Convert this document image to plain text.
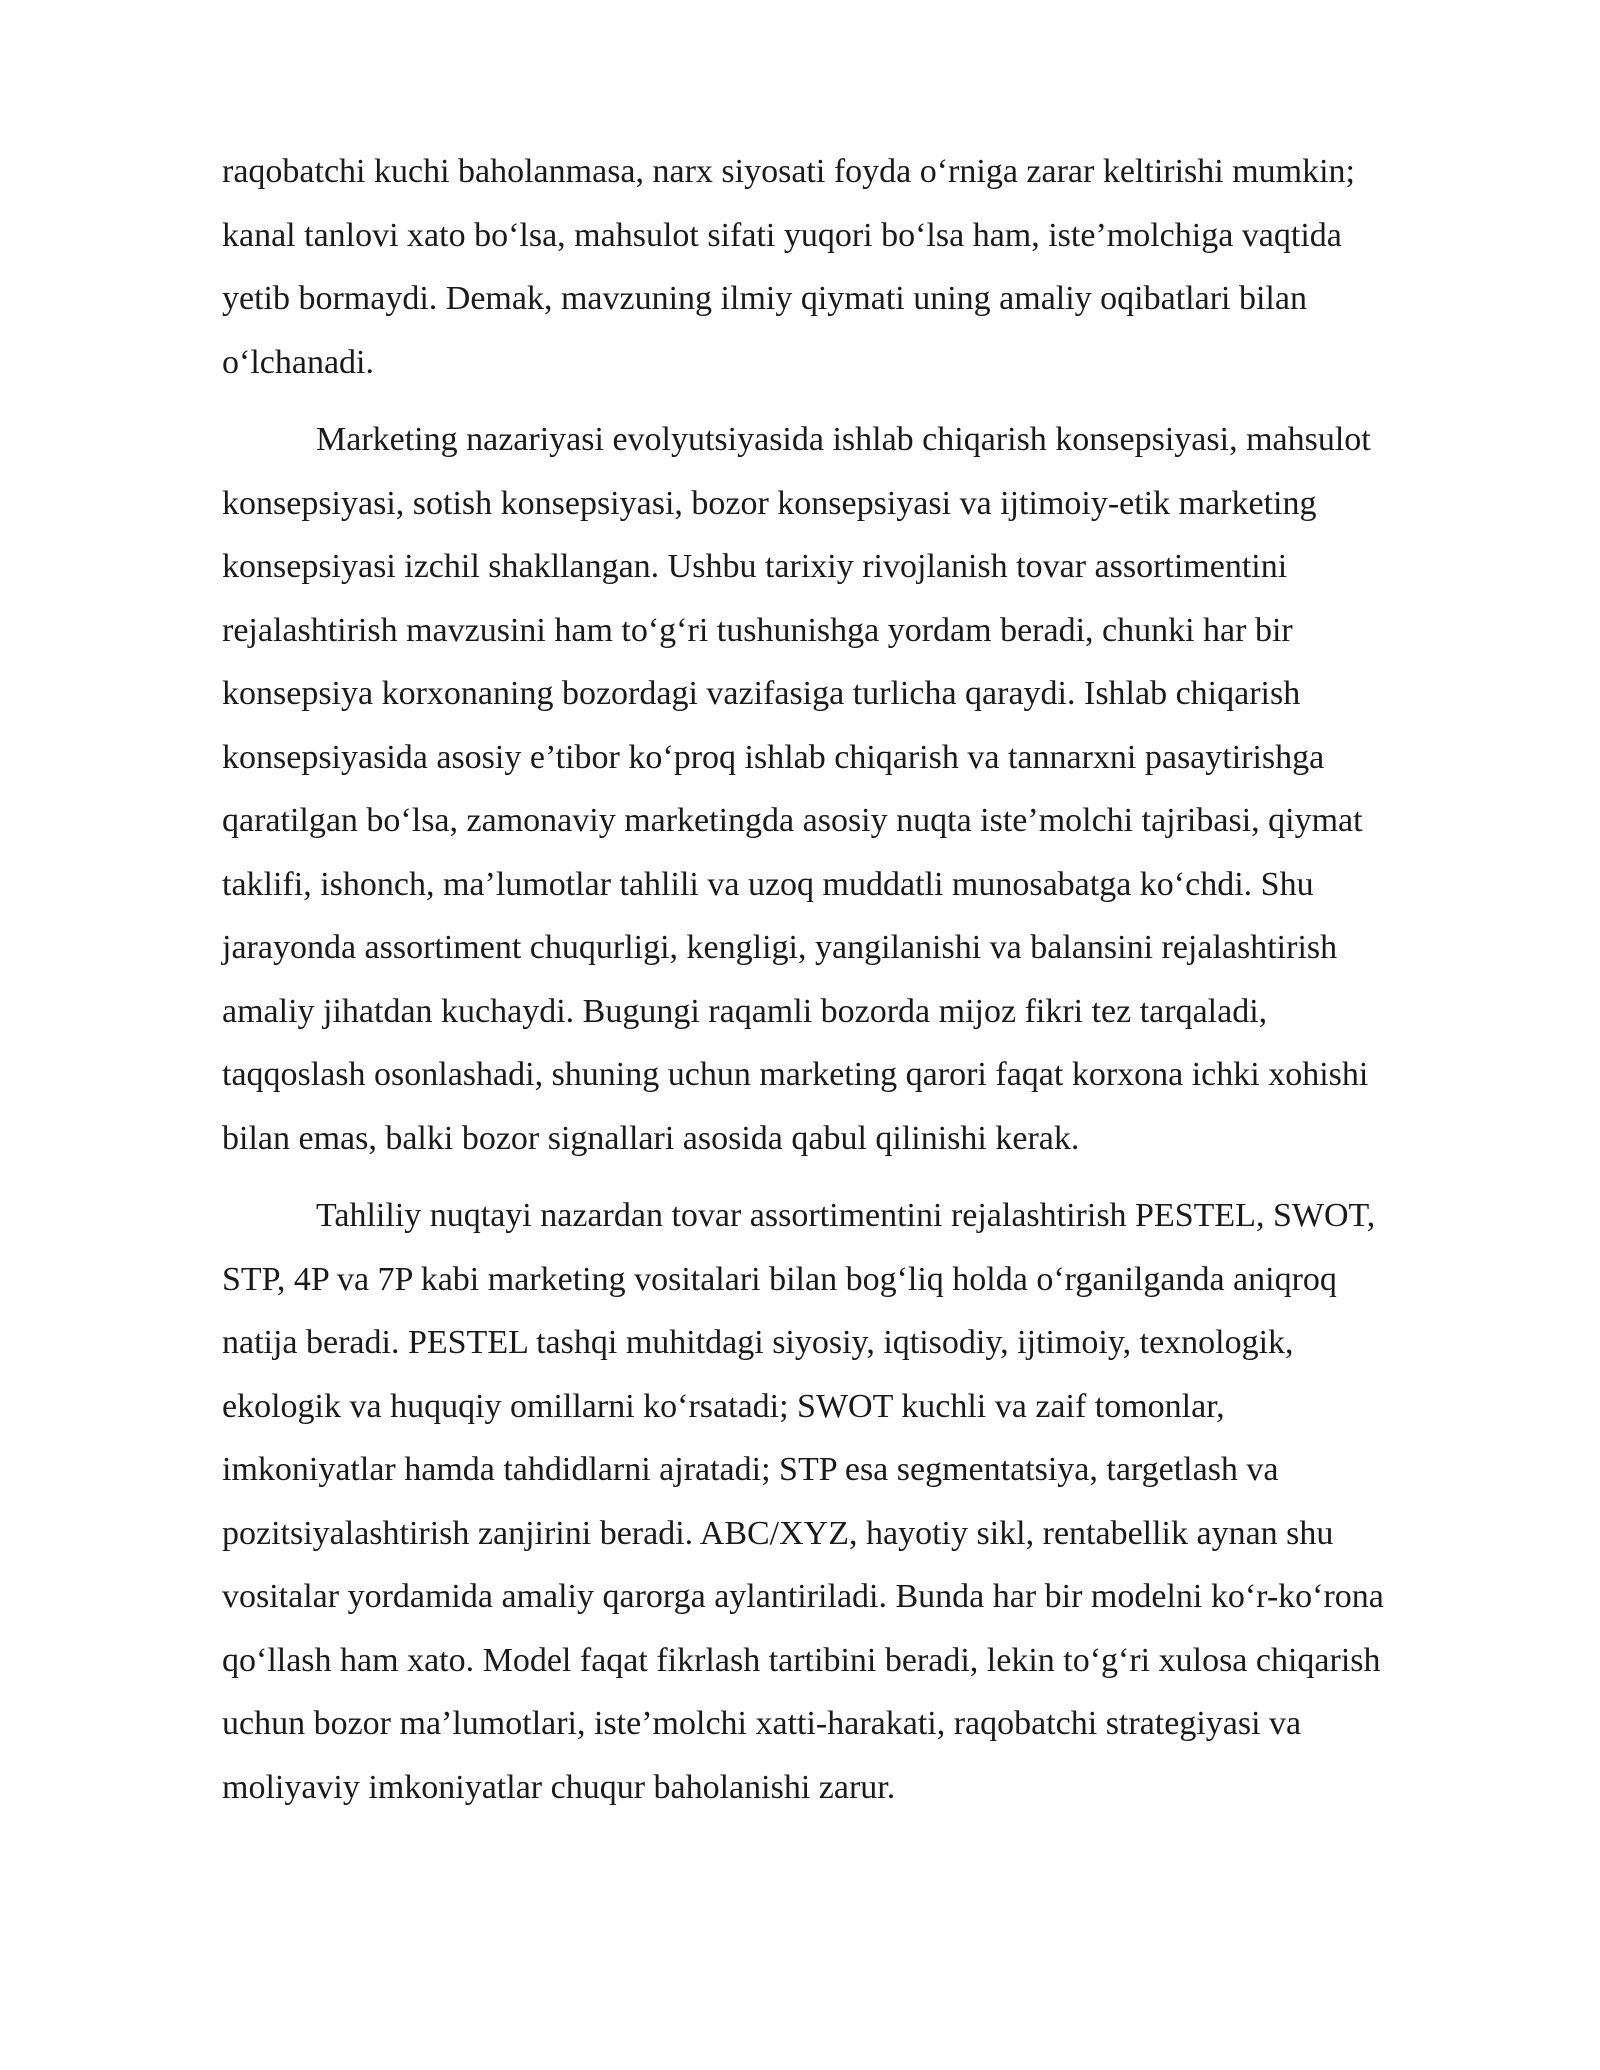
raqobatchi kuchi baholanmasa, narx siyosati foyda oʻrniga zarar keltirishi mumkin;
kanal tanlovi xato boʻlsa, mahsulot sifati yuqori boʻlsa ham, iste’molchiga vaqtida
yetib bormaydi. Demak, mavzuning ilmiy qiymati uning amaliy oqibatlari bilan
oʻlchanadi.
Marketing nazariyasi evolyutsiyasida ishlab chiqarish konsepsiyasi, mahsulot
konsepsiyasi, sotish konsepsiyasi, bozor konsepsiyasi va ijtimoiy-etik marketing
konsepsiyasi izchil shakllangan. Ushbu tarixiy rivojlanish tovar assortimentini
rejalashtirish mavzusini ham toʻgʻri tushunishga yordam beradi, chunki har bir
konsepsiya korxonaning bozordagi vazifasiga turlicha qaraydi. Ishlab chiqarish
konsepsiyasida asosiy e’tibor koʻproq ishlab chiqarish va tannarxni pasaytirishga
qaratilgan boʻlsa, zamonaviy marketingda asosiy nuqta iste’molchi tajribasi, qiymat
taklifi, ishonch, ma’lumotlar tahlili va uzoq muddatli munosabatga koʻchdi. Shu
jarayonda assortiment chuqurligi, kengligi, yangilanishi va balansini rejalashtirish
amaliy jihatdan kuchaydi. Bugungi raqamli bozorda mijoz fikri tez tarqaladi,
taqqoslash osonlashadi, shuning uchun marketing qarori faqat korxona ichki xohishi
bilan emas, balki bozor signallari asosida qabul qilinishi kerak.
Tahliliy nuqtayi nazardan tovar assortimentini rejalashtirish PESTEL, SWOT,
STP, 4P va 7P kabi marketing vositalari bilan bogʻliq holda oʻrganilganda aniqroq
natija beradi. PESTEL tashqi muhitdagi siyosiy, iqtisodiy, ijtimoiy, texnologik,
ekologik va huquqiy omillarni koʻrsatadi; SWOT kuchli va zaif tomonlar,
imkoniyatlar hamda tahdidlarni ajratadi; STP esa segmentatsiya, targetlash va
pozitsiyalashtirish zanjirini beradi. ABC/XYZ, hayotiy sikl, rentabellik aynan shu
vositalar yordamida amaliy qarorga aylantiriladi. Bunda har bir modelni koʻr-koʻrona
qoʻllash ham xato. Model faqat fikrlash tartibini beradi, lekin toʻgʻri xulosa chiqarish
uchun bozor ma’lumotlari, iste’molchi xatti-harakati, raqobatchi strategiyasi va
moliyaviy imkoniyatlar chuqur baholanishi zarur.
